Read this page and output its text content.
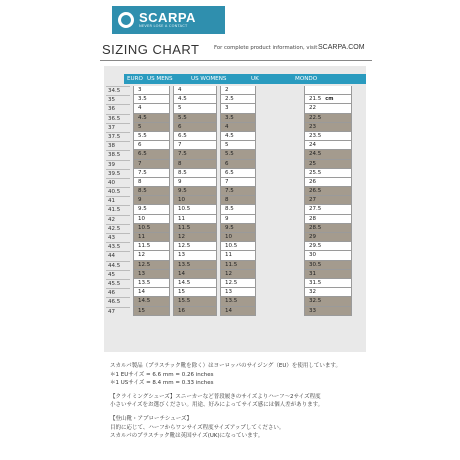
SCARPA
NEVER LOSE A CONTACT
SIZING CHART	For complete product information, visit SCARPA.COM
EURO US MENS	US WOMENS	UK	MONDO
34.5	3	4	2
35	3.5	4.5	2.5	21.5 cm
36	4	5	3	22
36.5	4.5	5.5	3.5	22.5
37	5	6	4	23
37.5	5.5	6.5	4.5	23.5
38	6	7	5	24
38.5	6.5	7.5	5.5	24.5
39	7	8	6	25
39.5	7.5	8.5	6.5	25.5
40	8	9	7	26
40.5	8.5	9.5	7.5	26.5
41	9	10	8	27
41.5	9.5	10.5	8.5	27.5
42	10	11	9	28
42.5	10.5	11.5	9.5	28.5
43	11	12	10	29
43.5	11.5	12.5	10.5	29.5
44	12	13	11	30
44.5	12.5	13.5	11.5	30.5
45	13	14	12	31
45.5	13.5	14.5	12.5	31.5
46	14	15	13	32
46.5	14.5	15.5	13.5	32.5
47	15	16	14	33

スカルパ製品（プラスチック靴を除く）はヨーロッパのサイジング（EU）を使用しています。

＊1 EUサイズ = 6.6 mm = 0.26 inches

＊1 USサイズ = 8.4 mm = 0.33 inches

【クライミングシューズ】スニーカーなど普段履きのサイズよりハーフ〜2サイズ程度

小さいサイズをお選びください。用途、好みによってサイズ感には個人差があります。

【登山靴・アプローチシューズ】

目的に応じて、ハーフからワンサイズ程度サイズアップしてください。

スカルパのプラスチック靴は英国サイズ(UK)になっています。
